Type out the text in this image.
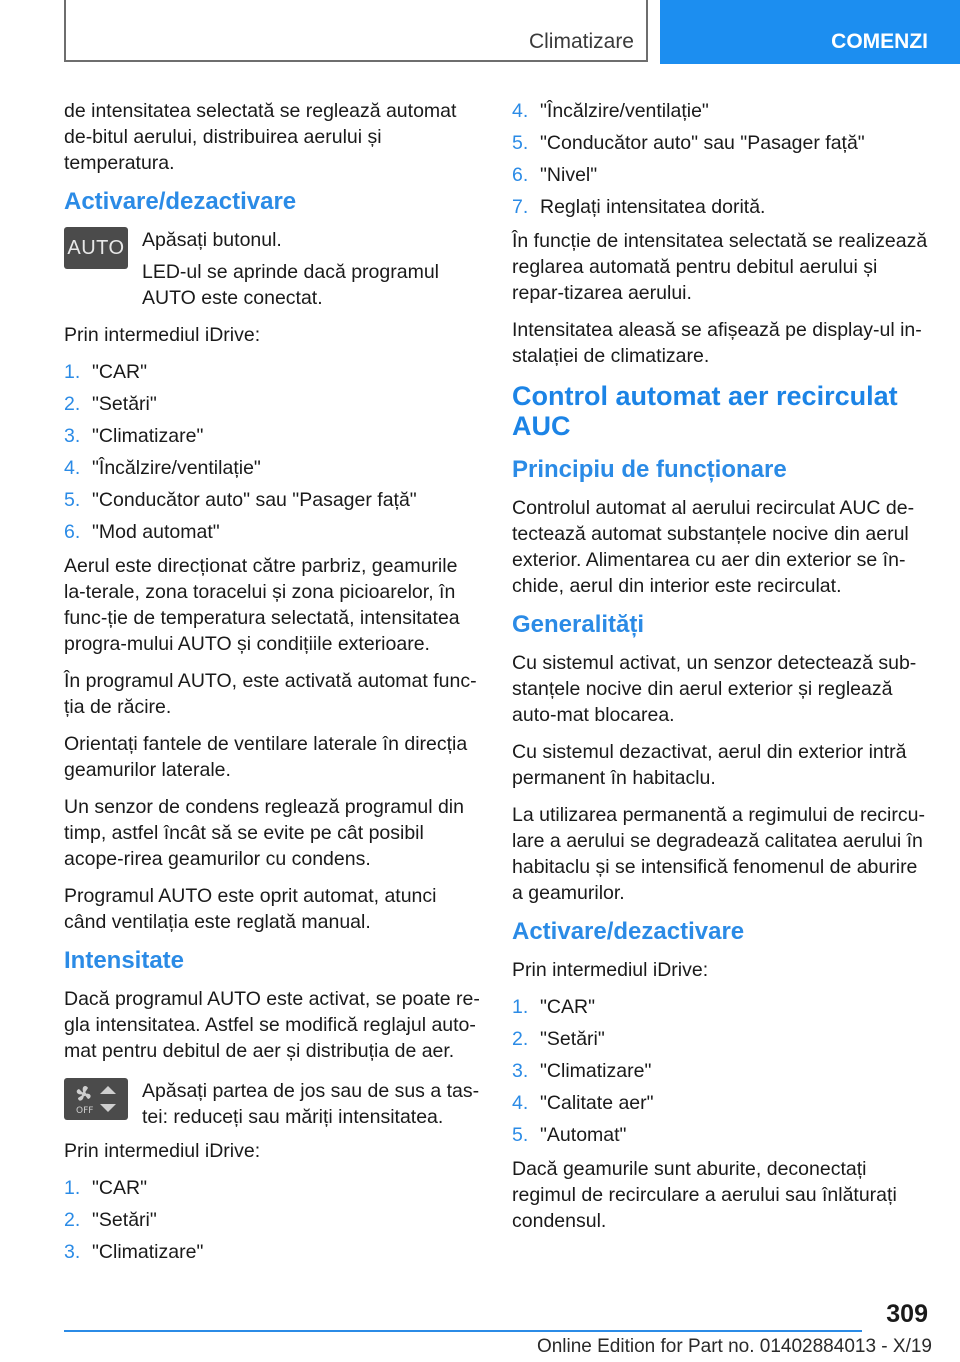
Climatizare	COMENZI

de intensitatea selectată se reglează automat de-bitul aerului, distribuirea aerului și temperatura.

Activare/dezactivare
AUTO Apăsați butonul.

LED-ul se aprinde dacă programul AUTO este conectat.

Prin intermediul iDrive:

1. "CAR"
2. "Setări"
3. "Climatizare"
4. "Încălzire/ventilație"
5. "Conducător auto" sau "Pasager față"
6. "Mod automat"

Aerul este direcționat către parbriz, geamurile la-terale, zona toracelui și zona picioarelor, în func-ție de temperatura selectată, intensitatea progra-mului AUTO și condițiile exterioare.

În programul AUTO, este activată automat func-ția de răcire.

Orientați fantele de ventilare laterale în direcția geamurilor laterale.

Un senzor de condens reglează programul din timp, astfel încât să se evite pe cât posibil acope-rirea geamurilor cu condens.

Programul AUTO este oprit automat, atunci când ventilația este reglată manual.

Intensitate

Dacă programul AUTO este activat, se poate re-gla intensitatea. Astfel se modifică reglajul auto-mat pentru debitul de aer și distribuția de aer.

OFF

Apăsați partea de jos sau de sus a tas-tei: reduceți sau măriți intensitatea.

Prin intermediul iDrive:

1. "CAR"
2. "Setări"
3. "Climatizare"
4. "Încălzire/ventilație"
5. "Conducător auto" sau "Pasager față"
6. "Nivel"
7. Reglați intensitatea dorită.

În funcție de intensitatea selectată se realizează reglarea automată pentru debitul aerului și repar-tizarea aerului.

Intensitatea aleasă se afișează pe display-ul in-stalației de climatizare.

Control automat aer recirculat AUC
Principiu de funcționare

Controlul automat al aerului recirculat AUC de-tectează automat substanțele nocive din aerul exterior. Alimentarea cu aer din exterior se în-chide, aerul din interior este recirculat.

Generalități

Cu sistemul activat, un senzor detectează sub-stanțele nocive din aerul exterior și reglează auto-mat blocarea.

Cu sistemul dezactivat, aerul din exterior intră permanent în habitaclu.

La utilizarea permanentă a regimului de recircu-lare a aerului se degradează calitatea aerului în habitaclu și se intensifică fenomenul de aburire a geamurilor.

Activare/dezactivare

Prin intermediul iDrive:

1. "CAR"
2. "Setări"
3. "Climatizare"
4. "Calitate aer"
5. "Automat"

Dacă geamurile sunt aburite, deconectați regimul de recirculare a aerului sau înlăturați condensul.

309
Online Edition for Part no. 01402884013 - X/19
